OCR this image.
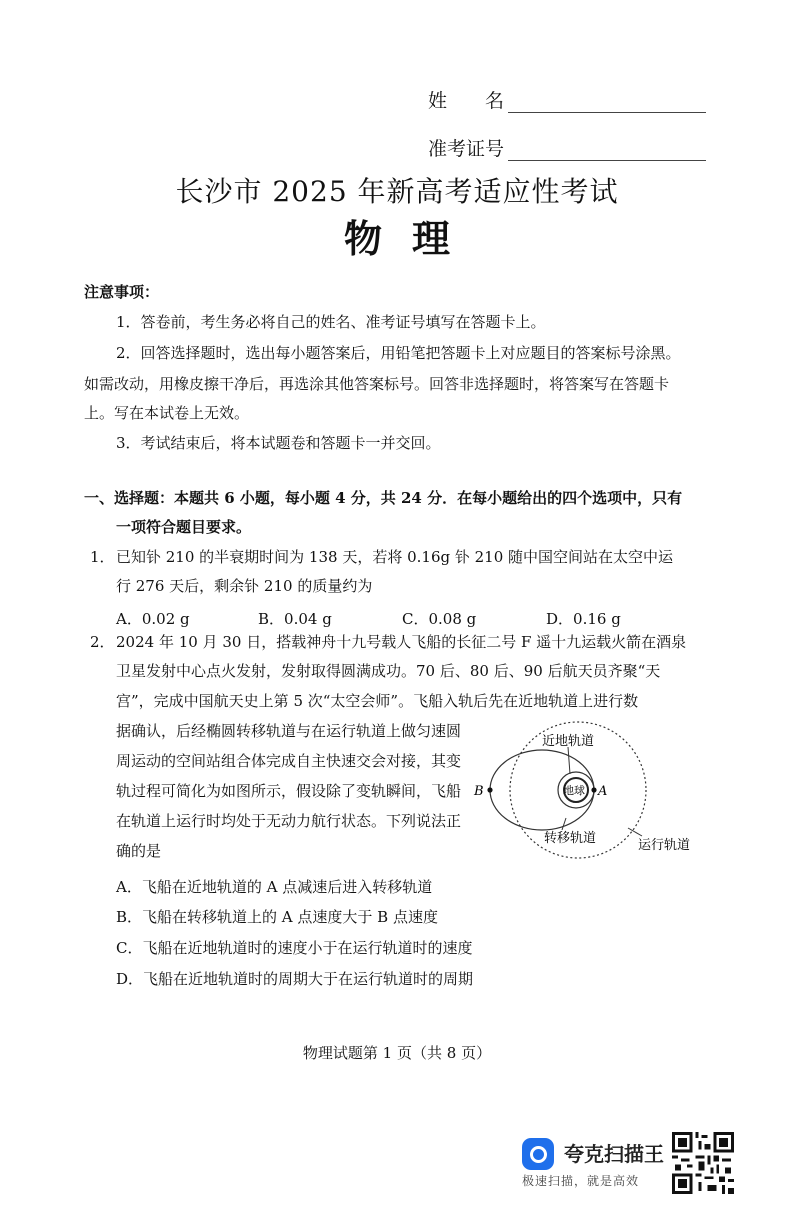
姓　　名
准考证号
长沙市 2025 年新高考适应性考试
物理
注意事项：
1．答卷前，考生务必将自己的姓名、准考证号填写在答题卡上。
2．回答选择题时，选出每小题答案后，用铅笔把答题卡上对应题目的答案标号涂黑。
如需改动，用橡皮擦干净后，再选涂其他答案标号。回答非选择题时，将答案写在答题卡
上。写在本试卷上无效。
3．考试结束后，将本试题卷和答题卡一并交回。
一、选择题：本题共 6 小题，每小题 4 分，共 24 分．在每小题给出的四个选项中，只有
一项符合题目要求。
1． 已知钋 210 的半衰期时间为 138 天，若将 0.16g 钋 210 随中国空间站在太空中运
行 276 天后，剩余钋 210 的质量约为
A．0.02 g	B．0.04 g	C．0.08 g	D．0.16 g
2． 2024 年 10 月 30 日，搭载神舟十九号载人飞船的长征二号 F 遥十九运载火箭在酒泉
卫星发射中心点火发射，发射取得圆满成功。70 后、80 后、90 后航天员齐聚“天
宫”，完成中国航天史上第 5 次“太空会师”。飞船入轨后先在近地轨道上进行数
据确认，后经椭圆转移轨道与在运行轨道上做匀速圆
周运动的空间站组合体完成自主快速交会对接，其变
轨过程可简化为如图所示，假设除了变轨瞬间，飞船
在轨道上运行时均处于无动力航行状态。下列说法正
确的是
近地轨道
地球 A
B
转移轨道	运行轨道
A．飞船在近地轨道的 A 点减速后进入转移轨道
B．飞船在转移轨道上的 A 点速度大于 B 点速度
C．飞船在近地轨道时的速度小于在运行轨道时的速度
D．飞船在近地轨道时的周期大于在运行轨道时的周期
物理试题第 1 页（共 8 页）
夸克扫描王
极速扫描，就是高效
